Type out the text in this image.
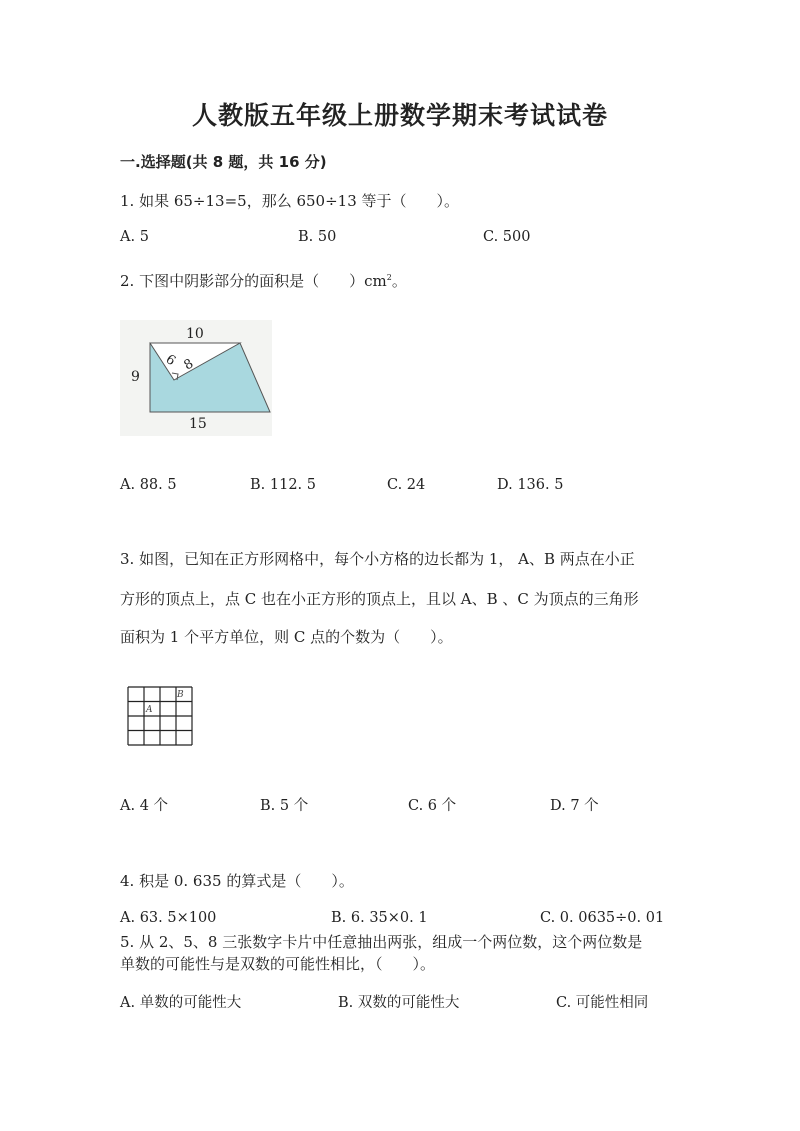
人教版五年级上册数学期末考试试卷
一.选择题(共 8 题，共 16 分)
1. 如果 65÷13=5，那么 650÷13 等于（　　）。
A. 5	B. 50	C. 500
2. 下图中阴影部分的面积是（　　）$cm^2$。
10
9
15
6 8
A. 88. 5	B. 112. 5	C. 24	D. 136. 5
3. 如图，已知在正方形网格中，每个小方格的边长都为 1， A、B 两点在小正
方形的顶点上，点 C 也在小正方形的顶点上，且以 A、B 、C 为顶点的三角形
面积为 1 个平方单位，则 C 点的个数为（　　）。
A
B
A. 4 个	B. 5 个	C. 6 个	D. 7 个
4. 积是 0. 635 的算式是（　　）。
A. 63. 5×100	B. 6. 35×0. 1	C. 0. 0635÷0. 01
5. 从 2、5、8 三张数字卡片中任意抽出两张，组成一个两位数，这个两位数是
单数的可能性与是双数的可能性相比，（　　）。
A. 单数的可能性大	B. 双数的可能性大	C. 可能性相同
